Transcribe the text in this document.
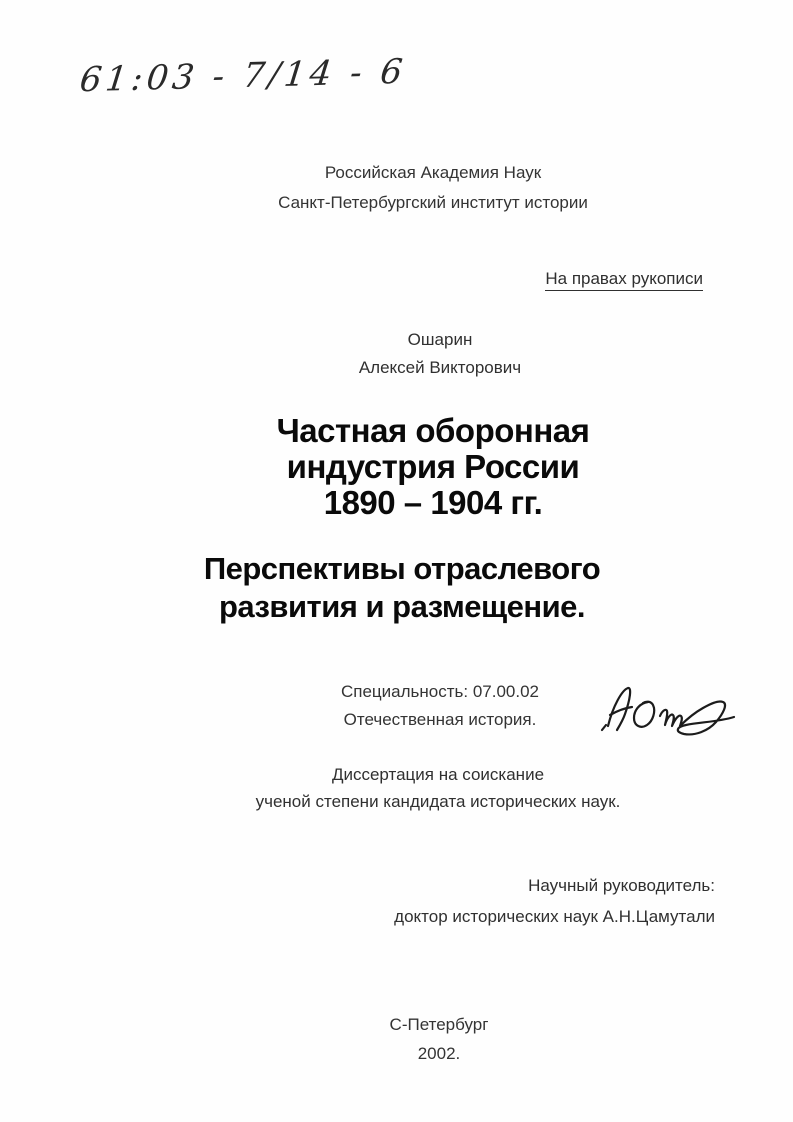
61:03 - 7/14 - 6
Российская Академия Наук
Санкт-Петербургский институт истории
На правах рукописи
Ошарин
Алексей Викторович
Частная оборонная
индустрия России
1890 – 1904 гг.
Перспективы отраслевого
развития и размещение.
Специальность: 07.00.02
Отечественная история.
Диссертация на соискание
ученой степени кандидата исторических наук.
Научный руководитель:
доктор исторических наук А.Н.Цамутали
С-Петербург
2002.
